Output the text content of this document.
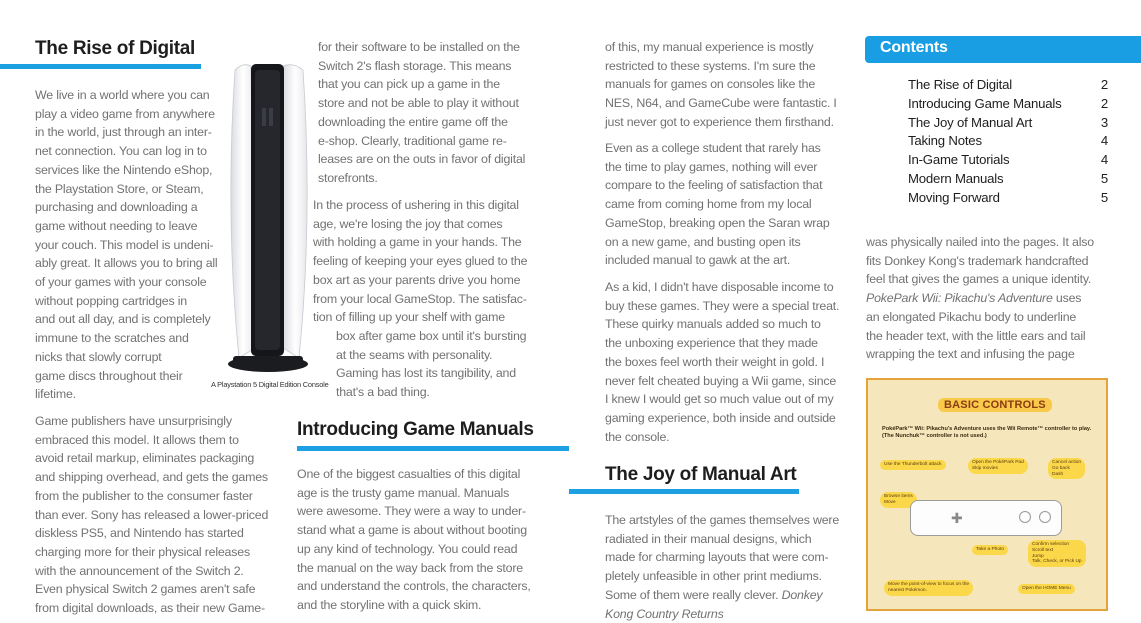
The Rise of Digital

We live in a world where you can
play a video game from anywhere
in the world, just through an inter-
net connection. You can log in to
services like the Nintendo eShop,
the Playstation Store, or Steam,
purchasing and downloading a
game without needing to leave
your couch. This model is undeni-
ably great. It allows you to bring all
of your games with your console
without popping cartridges in
and out all day, and is completely
immune to the scratches and
nicks that slowly corrupt
game discs throughout their
lifetime.

Game publishers have unsurprisingly
embraced this model. It allows them to
avoid retail markup, eliminates packaging
and shipping overhead, and gets the games
from the publisher to the consumer faster
than ever. Sony has released a lower-priced
diskless PS5, and Nintendo has started
charging more for their physical releases
with the announcement of the Switch 2.
Even physical Switch 2 games aren't safe
from digital downloads, as their new Game-

A Playstation 5 Digital Edition Console

for their software to be installed on the
Switch 2's flash storage. This means
that you can pick up a game in the
store and not be able to play it without
downloading the entire game off the
e-shop. Clearly, traditional game re-
leases are on the outs in favor of digital
storefronts.

In the process of ushering in this digital
age, we're losing the joy that comes
with holding a game in your hands. The
feeling of keeping your eyes glued to the
box art as your parents drive you home
from your local GameStop. The satisfac-
tion of filling up your shelf with game

box after game box until it's bursting
at the seams with personality.
Gaming has lost its tangibility, and
that's a bad thing.

Introducing Game Manuals

One of the biggest casualties of this digital
age is the trusty game manual. Manuals
were awesome. They were a way to under-
stand what a game is about without booting
up any kind of technology. You could read
the manual on the way back from the store
and understand the controls, the characters,
and the storyline with a quick skim.

of this, my manual experience is mostly
restricted to these systems. I'm sure the
manuals for games on consoles like the
NES, N64, and GameCube were fantastic. I
just never got to experience them firsthand.

Even as a college student that rarely has
the time to play games, nothing will ever
compare to the feeling of satisfaction that
came from coming home from my local
GameStop, breaking open the Saran wrap
on a new game, and busting open its
included manual to gawk at the art.

As a kid, I didn't have disposable income to
buy these games. They were a special treat.
These quirky manuals added so much to
the unboxing experience that they made
the boxes feel worth their weight in gold. I
never felt cheated buying a Wii game, since
I knew I would get so much value out of my
gaming experience, both inside and outside
the console.

The Joy of Manual Art

The artstyles of the games themselves were
radiated in their manual designs, which
made for charming layouts that were com-
pletely unfeasible in other print mediums.
Some of them were really clever. Donkey
Kong Country Returns

Contents
The Rise of Digital	2
Introducing Game Manuals	2
The Joy of Manual Art	3
Taking Notes	4
In-Game Tutorials	4
Modern Manuals	5
Moving Forward	5

was physically nailed into the pages. It also
fits Donkey Kong's trademark handcrafted
feel that gives the games a unique identity.
PokePark Wii: Pikachu's Adventure uses
an elongated Pikachu body to underline
the header text, with the little ears and tail
wrapping the text and infusing the page

BASIC CONTROLS
PokéPark™ Wii: Pikachu's Adventure uses the Wii Remote™ controller to play. (The Nunchuk™ controller is not used.)
Use the Thunderbolt attack	Open the PokéPark Pad
Skip movies
Cancel action
Go back
Dash
Browse items
Move
✚
Take a Photo
Confirm selection
Scroll text
Jump
Talk, Check, or Pick Up
Move the point-of-view to focus on the
nearest Pokémon.	Open the HOME Menu
